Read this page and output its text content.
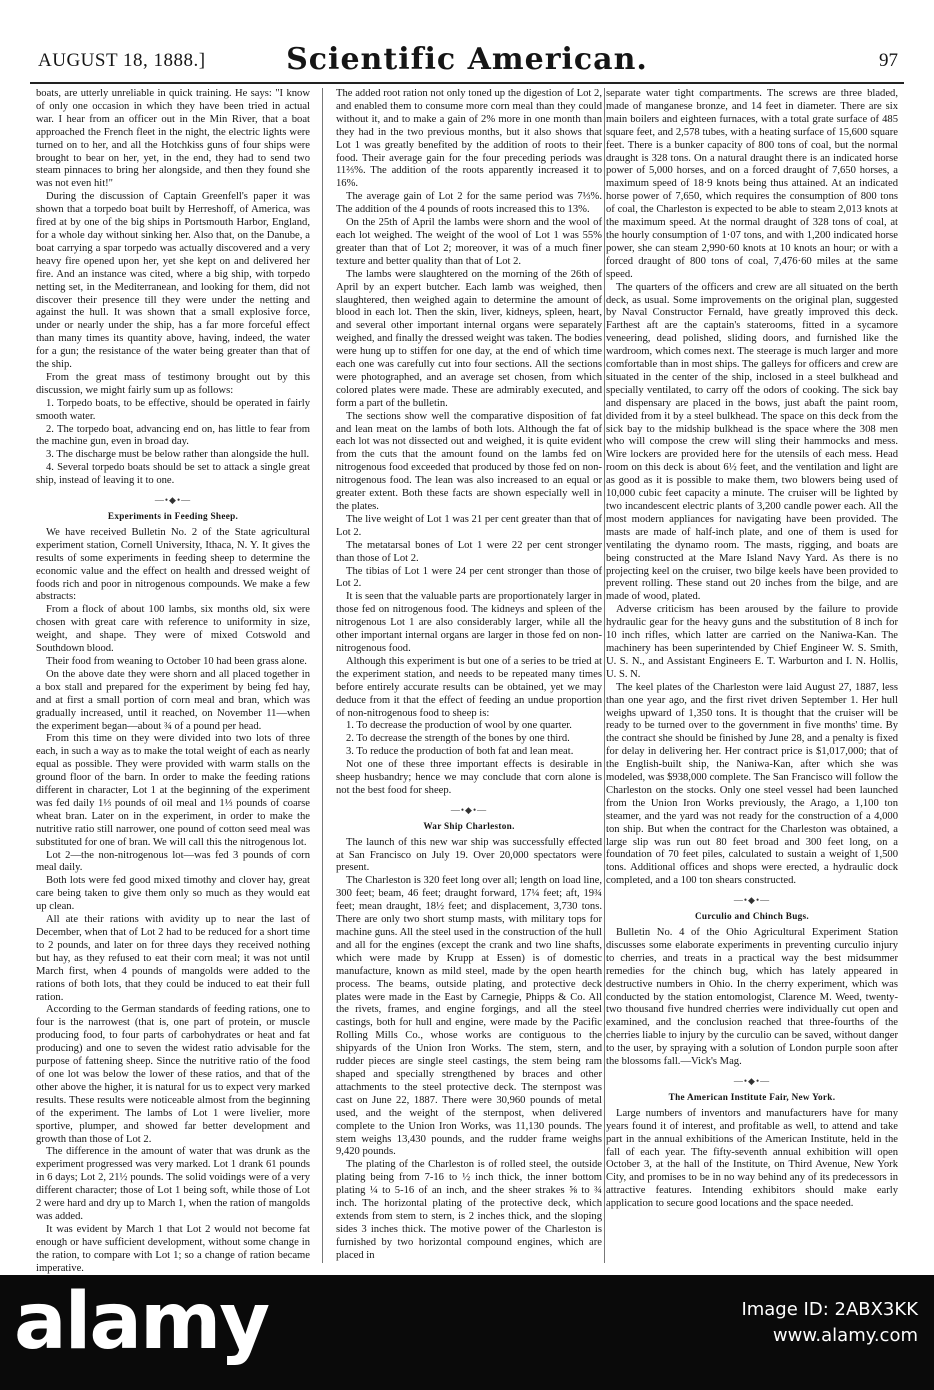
AUGUST 18, 1888.]	Scientific American.	97

boats, are utterly unreliable in quick training. He says: "I know of only one occasion in which they have been tried in actual war. I hear from an officer out in the Min River, that a boat approached the French fleet in the night, the electric lights were turned on to her, and all the Hotchkiss guns of four ships were brought to bear on her, yet, in the end, they had to send two steam pinnaces to bring her alongside, and then they found she was not even hit!"

During the discussion of Captain Greenfell's paper it was shown that a torpedo boat built by Herreshoff, of America, was fired at by one of the big ships in Portsmouth Harbor, England, for a whole day without sinking her. Also that, on the Danube, a boat carrying a spar torpedo was actually discovered and a very heavy fire opened upon her, yet she kept on and delivered her fire. And an instance was cited, where a big ship, with torpedo netting set, in the Mediterranean, and looking for them, did not discover their presence till they were under the netting and against the hull. It was shown that a small explosive force, under or nearly under the ship, has a far more forceful effect than many times its quantity above, having, indeed, the water for a gun; the resistance of the water being greater than that of the ship.

From the great mass of testimony brought out by this discussion, we might fairly sum up as follows:

1. Torpedo boats, to be effective, should be operated in fairly smooth water.
2. The torpedo boat, advancing end on, has little to fear from the machine gun, even in broad day.
3. The discharge must be below rather than alongside the hull.
4. Several torpedo boats should be set to attack a single great ship, instead of leaving it to one.
—•◆•—
Experiments in Feeding Sheep.

We have received Bulletin No. 2 of the State agricultural experiment station, Cornell University, Ithaca, N. Y. It gives the results of some experiments in feeding sheep to determine the economic value and the effect on health and dressed weight of foods rich and poor in nitrogenous compounds. We make a few abstracts:

From a flock of about 100 lambs, six months old, six were chosen with great care with reference to uniformity in size, weight, and shape. They were of mixed Cotswold and Southdown blood.

Their food from weaning to October 10 had been grass alone.

On the above date they were shorn and all placed together in a box stall and prepared for the experiment by being fed hay, and at first a small portion of corn meal and bran, which was gradually increased, until it reached, on November 11—when the experiment began—about ¾ of a pound per head.

From this time on they were divided into two lots of three each, in such a way as to make the total weight of each as nearly equal as possible. They were provided with warm stalls on the ground floor of the barn. In order to make the feeding rations different in character, Lot 1 at the beginning of the experiment was fed daily 1⅓ pounds of oil meal and 1⅓ pounds of coarse wheat bran. Later on in the experiment, in order to make the nutritive ratio still narrower, one pound of cotton seed meal was substituted for one of bran. We will call this the nitrogenous lot.

Lot 2—the non-nitrogenous lot—was fed 3 pounds of corn meal daily.

Both lots were fed good mixed timothy and clover hay, great care being taken to give them only so much as they would eat up clean.

All ate their rations with avidity up to near the last of December, when that of Lot 2 had to be reduced for a short time to 2 pounds, and later on for three days they received nothing but hay, as they refused to eat their corn meal; it was not until March first, when 4 pounds of mangolds were added to the rations of both lots, that they could be induced to eat their full ration.

According to the German standards of feeding rations, one to four is the narrowest (that is, one part of protein, or muscle producing food, to four parts of carbohydrates or heat and fat producing) and one to seven the widest ratio advisable for the purpose of fattening sheep. Since the nutritive ratio of the food of one lot was below the lower of these ratios, and that of the other above the higher, it is natural for us to expect very marked results. These results were noticeable almost from the beginning of the experiment. The lambs of Lot 1 were livelier, more sportive, plumper, and showed far better development and growth than those of Lot 2.

The difference in the amount of water that was drunk as the experiment progressed was very marked. Lot 1 drank 61 pounds in 6 days; Lot 2, 21½ pounds. The solid voidings were of a very different character; those of Lot 1 being soft, while those of Lot 2 were hard and dry up to March 1, when the ration of mangolds was added.

It was evident by March 1 that Lot 2 would not become fat enough or have sufficient development, without some change in the ration, to compare with Lot 1; so a change of ration became imperative.

The added root ration not only toned up the digestion of Lot 2, and enabled them to consume more corn meal than they could without it, and to make a gain of 2% more in one month than they had in the two previous months, but it also shows that Lot 1 was greatly benefited by the addition of roots to their food. Their average gain for the four preceding periods was 11⅔%. The addition of the roots apparently increased it to 16%.

The average gain of Lot 2 for the same period was 7⅓%. The addition of the 4 pounds of roots increased this to 13%.

On the 25th of April the lambs were shorn and the wool of each lot weighed. The weight of the wool of Lot 1 was 55% greater than that of Lot 2; moreover, it was of a much finer texture and better quality than that of Lot 2.

The lambs were slaughtered on the morning of the 26th of April by an expert butcher. Each lamb was weighed, then slaughtered, then weighed again to determine the amount of blood in each lot. Then the skin, liver, kidneys, spleen, heart, and several other important internal organs were separately weighed, and finally the dressed weight was taken. The bodies were hung up to stiffen for one day, at the end of which time each one was carefully cut into four sections. All the sections were photographed, and an average set chosen, from which colored plates were made. These are admirably executed, and form a part of the bulletin.

The sections show well the comparative disposition of fat and lean meat on the lambs of both lots. Although the fat of each lot was not dissected out and weighed, it is quite evident from the cuts that the amount found on the lambs fed on nitrogenous food exceeded that produced by those fed on non-nitrogenous food. The lean was also increased to an equal or greater extent. Both these facts are shown especially well in the plates.

The live weight of Lot 1 was 21 per cent greater than that of Lot 2.

The metatarsal bones of Lot 1 were 22 per cent stronger than those of Lot 2.

The tibias of Lot 1 were 24 per cent stronger than those of Lot 2.

It is seen that the valuable parts are proportionately larger in those fed on nitrogenous food. The kidneys and spleen of the nitrogenous Lot 1 are also considerably larger, while all the other important internal organs are larger in those fed on non-nitrogenous food.

Although this experiment is but one of a series to be tried at the experiment station, and needs to be repeated many times before entirely accurate results can be obtained, yet we may deduce from it that the effect of feeding an undue proportion of non-nitrogenous food to sheep is:

1. To decrease the production of wool by one quarter.
2. To decrease the strength of the bones by one third.
3. To reduce the production of both fat and lean meat.

Not one of these three important effects is desirable in sheep husbandry; hence we may conclude that corn alone is not the best food for sheep.

—•◆•—
War Ship Charleston.

The launch of this new war ship was successfully effected at San Francisco on July 19. Over 20,000 spectators were present.

The Charleston is 320 feet long over all; length on load line, 300 feet; beam, 46 feet; draught forward, 17¼ feet; aft, 19¾ feet; mean draught, 18½ feet; and displacement, 3,730 tons. There are only two short stump masts, with military tops for machine guns. All the steel used in the construction of the hull and all for the engines (except the crank and two line shafts, which were made by Krupp at Essen) is of domestic manufacture, known as mild steel, made by the open hearth process. The beams, outside plating, and protective deck plates were made in the East by Carnegie, Phipps & Co. All the rivets, frames, and engine forgings, and all the steel castings, both for hull and engine, were made by the Pacific Rolling Mills Co., whose works are contiguous to the shipyards of the Union Iron Works. The stem, stern, and rudder pieces are single steel castings, the stem being ram shaped and specially strengthened by braces and other attachments to the steel protective deck. The sternpost was cast on June 22, 1887. There were 30,960 pounds of metal used, and the weight of the sternpost, when delivered complete to the Union Iron Works, was 11,130 pounds. The stem weighs 13,430 pounds, and the rudder frame weighs 9,420 pounds.

The plating of the Charleston is of rolled steel, the outside plating being from 7-16 to ½ inch thick, the inner bottom plating ¼ to 5-16 of an inch, and the sheer strakes ⅝ to ¾ inch. The horizontal plating of the protective deck, which extends from stem to stern, is 2 inches thick, and the sloping sides 3 inches thick. The motive power of the Charleston is furnished by two horizontal compound engines, which are placed in

separate water tight compartments. The screws are three bladed, made of manganese bronze, and 14 feet in diameter. There are six main boilers and eighteen furnaces, with a total grate surface of 485 square feet, and 2,578 tubes, with a heating surface of 15,600 square feet. There is a bunker capacity of 800 tons of coal, but the normal draught is 328 tons. On a natural draught there is an indicated horse power of 5,000 horses, and on a forced draught of 7,650 horses, a maximum speed of 18·9 knots being thus attained. At an indicated horse power of 7,650, which requires the consumption of 800 tons of coal, the Charleston is expected to be able to steam 2,013 knots at the maximum speed. At the normal draught of 328 tons of coal, at the hourly consumption of 1·07 tons, and with 1,200 indicated horse power, she can steam 2,990·60 knots at 10 knots an hour; or with a forced draught of 800 tons of coal, 7,476·60 miles at the same speed.

The quarters of the officers and crew are all situated on the berth deck, as usual. Some improvements on the original plan, suggested by Naval Constructor Fernald, have greatly improved this deck. Farthest aft are the captain's staterooms, fitted in a sycamore veneering, dead polished, sliding doors, and furnished like the wardroom, which comes next. The steerage is much larger and more comfortable than in most ships. The galleys for officers and crew are situated in the center of the ship, inclosed in a steel bulkhead and specially ventilated, to carry off the odors of cooking. The sick bay and dispensary are placed in the bows, just abaft the paint room, divided from it by a steel bulkhead. The space on this deck from the sick bay to the midship bulkhead is the space where the 308 men who will compose the crew will sling their hammocks and mess. Wire lockers are provided here for the utensils of each mess. Head room on this deck is about 6½ feet, and the ventilation and light are as good as it is possible to make them, two blowers being used of 10,000 cubic feet capacity a minute. The cruiser will be lighted by two incandescent electric plants of 3,200 candle power each. All the most modern appliances for navigating have been provided. The masts are made of half-inch plate, and one of them is used for ventilating the dynamo room. The masts, rigging, and boats are being constructed at the Mare Island Navy Yard. As there is no projecting keel on the cruiser, two bilge keels have been provided to prevent rolling. These stand out 20 inches from the bilge, and are made of wood, plated.

Adverse criticism has been aroused by the failure to provide hydraulic gear for the heavy guns and the substitution of 8 inch for 10 inch rifles, which latter are carried on the Naniwa-Kan. The machinery has been superintended by Chief Engineer W. S. Smith, U. S. N., and Assistant Engineers E. T. Warburton and I. N. Hollis, U. S. N.

The keel plates of the Charleston were laid August 27, 1887, less than one year ago, and the first rivet driven September 1. Her hull weighs upward of 1,350 tons. It is thought that the cruiser will be ready to be turned over to the government in five months' time. By the contract she should be finished by June 28, and a penalty is fixed for delay in delivering her. Her contract price is $1,017,000; that of the English-built ship, the Naniwa-Kan, after which she was modeled, was $938,000 complete. The San Francisco will follow the Charleston on the stocks. Only one steel vessel had been launched from the Union Iron Works previously, the Arago, a 1,100 ton steamer, and the yard was not ready for the construction of a 4,000 ton ship. But when the contract for the Charleston was obtained, a large slip was run out 80 feet broad and 300 feet long, on a foundation of 70 feet piles, calculated to sustain a weight of 1,500 tons. Additional offices and shops were erected, a hydraulic dock completed, and a 100 ton shears constructed.

—•◆•—
Curculio and Chinch Bugs.

Bulletin No. 4 of the Ohio Agricultural Experiment Station discusses some elaborate experiments in preventing curculio injury to cherries, and treats in a practical way the best midsummer remedies for the chinch bug, which has lately appeared in destructive numbers in Ohio. In the cherry experiment, which was conducted by the station entomologist, Clarence M. Weed, twenty-two thousand five hundred cherries were individually cut open and examined, and the conclusion reached that three-fourths of the cherries liable to injury by the curculio can be saved, without danger to the user, by spraying with a solution of London purple soon after the blossoms fall.—Vick's Mag.

—•◆•—
The American Institute Fair, New York.

Large numbers of inventors and manufacturers have for many years found it of interest, and profitable as well, to attend and take part in the annual exhibitions of the American Institute, held in the fall of each year. The fifty-seventh annual exhibition will open October 3, at the hall of the Institute, on Third Avenue, New York City, and promises to be in no way behind any of its predecessors in attractive features. Intending exhibitors should make early application to secure good locations and the space needed.

alamy	Image ID: 2ABX3KK
www.alamy.com
